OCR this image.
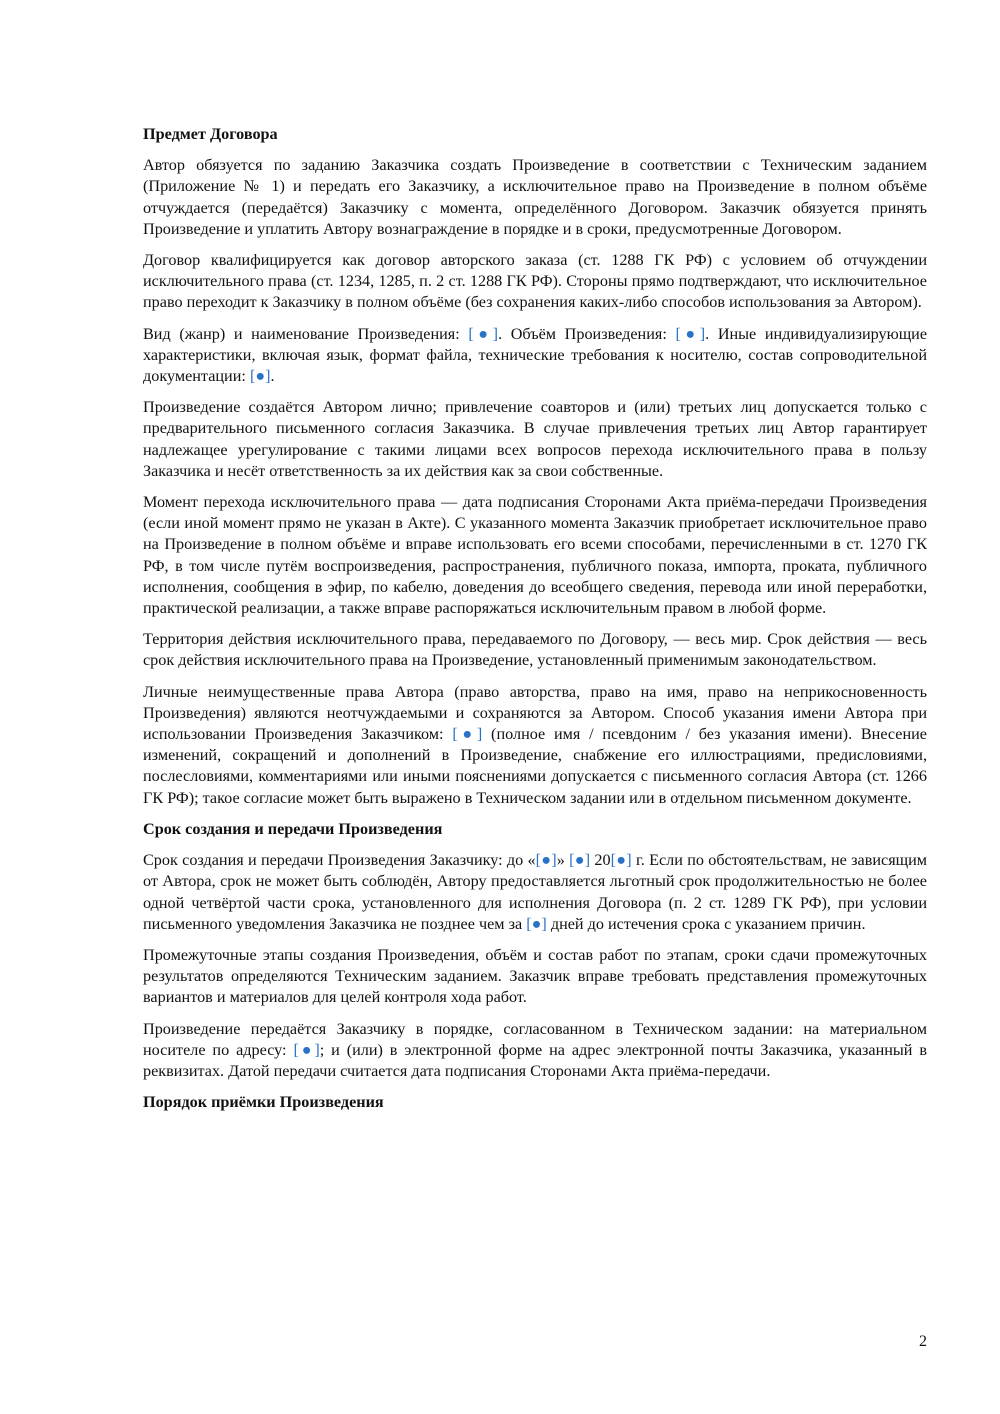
Предмет Договора
Автор обязуется по заданию Заказчика создать Произведение в соответствии с Техническим заданием (Приложение № 1) и передать его Заказчику, а исключительное право на Произведение в полном объёме отчуждается (передаётся) Заказчику с момента, определённого Договором. Заказчик обязуется принять Произведение и уплатить Автору вознаграждение в порядке и в сроки, предусмотренные Договором.
Договор квалифицируется как договор авторского заказа (ст. 1288 ГК РФ) с условием об отчуждении исключительного права (ст. 1234, 1285, п. 2 ст. 1288 ГК РФ). Стороны прямо подтверждают, что исключительное право переходит к Заказчику в полном объёме (без сохранения каких-либо способов использования за Автором).
Вид (жанр) и наименование Произведения: [●]. Объём Произведения: [●]. Иные индивидуализирующие характеристики, включая язык, формат файла, технические требования к носителю, состав сопроводительной документации: [●].
Произведение создаётся Автором лично; привлечение соавторов и (или) третьих лиц допускается только с предварительного письменного согласия Заказчика. В случае привлечения третьих лиц Автор гарантирует надлежащее урегулирование с такими лицами всех вопросов перехода исключительного права в пользу Заказчика и несёт ответственность за их действия как за свои собственные.
Момент перехода исключительного права — дата подписания Сторонами Акта приёма-передачи Произведения (если иной момент прямо не указан в Акте). С указанного момента Заказчик приобретает исключительное право на Произведение в полном объёме и вправе использовать его всеми способами, перечисленными в ст. 1270 ГК РФ, в том числе путём воспроизведения, распространения, публичного показа, импорта, проката, публичного исполнения, сообщения в эфир, по кабелю, доведения до всеобщего сведения, перевода или иной переработки, практической реализации, а также вправе распоряжаться исключительным правом в любой форме.
Территория действия исключительного права, передаваемого по Договору, — весь мир. Срок действия — весь срок действия исключительного права на Произведение, установленный применимым законодательством.
Личные неимущественные права Автора (право авторства, право на имя, право на неприкосновенность Произведения) являются неотчуждаемыми и сохраняются за Автором. Способ указания имени Автора при использовании Произведения Заказчиком: [●] (полное имя / псевдоним / без указания имени). Внесение изменений, сокращений и дополнений в Произведение, снабжение его иллюстрациями, предисловиями, послесловиями, комментариями или иными пояснениями допускается с письменного согласия Автора (ст. 1266 ГК РФ); такое согласие может быть выражено в Техническом задании или в отдельном письменном документе.
Срок создания и передачи Произведения
Срок создания и передачи Произведения Заказчику: до «[●]» [●] 20[●] г. Если по обстоятельствам, не зависящим от Автора, срок не может быть соблюдён, Автору предоставляется льготный срок продолжительностью не более одной четвёртой части срока, установленного для исполнения Договора (п. 2 ст. 1289 ГК РФ), при условии письменного уведомления Заказчика не позднее чем за [●] дней до истечения срока с указанием причин.
Промежуточные этапы создания Произведения, объём и состав работ по этапам, сроки сдачи промежуточных результатов определяются Техническим заданием. Заказчик вправе требовать представления промежуточных вариантов и материалов для целей контроля хода работ.
Произведение передаётся Заказчику в порядке, согласованном в Техническом задании: на материальном носителе по адресу: [●]; и (или) в электронной форме на адрес электронной почты Заказчика, указанный в реквизитах. Датой передачи считается дата подписания Сторонами Акта приёма-передачи.
Порядок приёмки Произведения
2
